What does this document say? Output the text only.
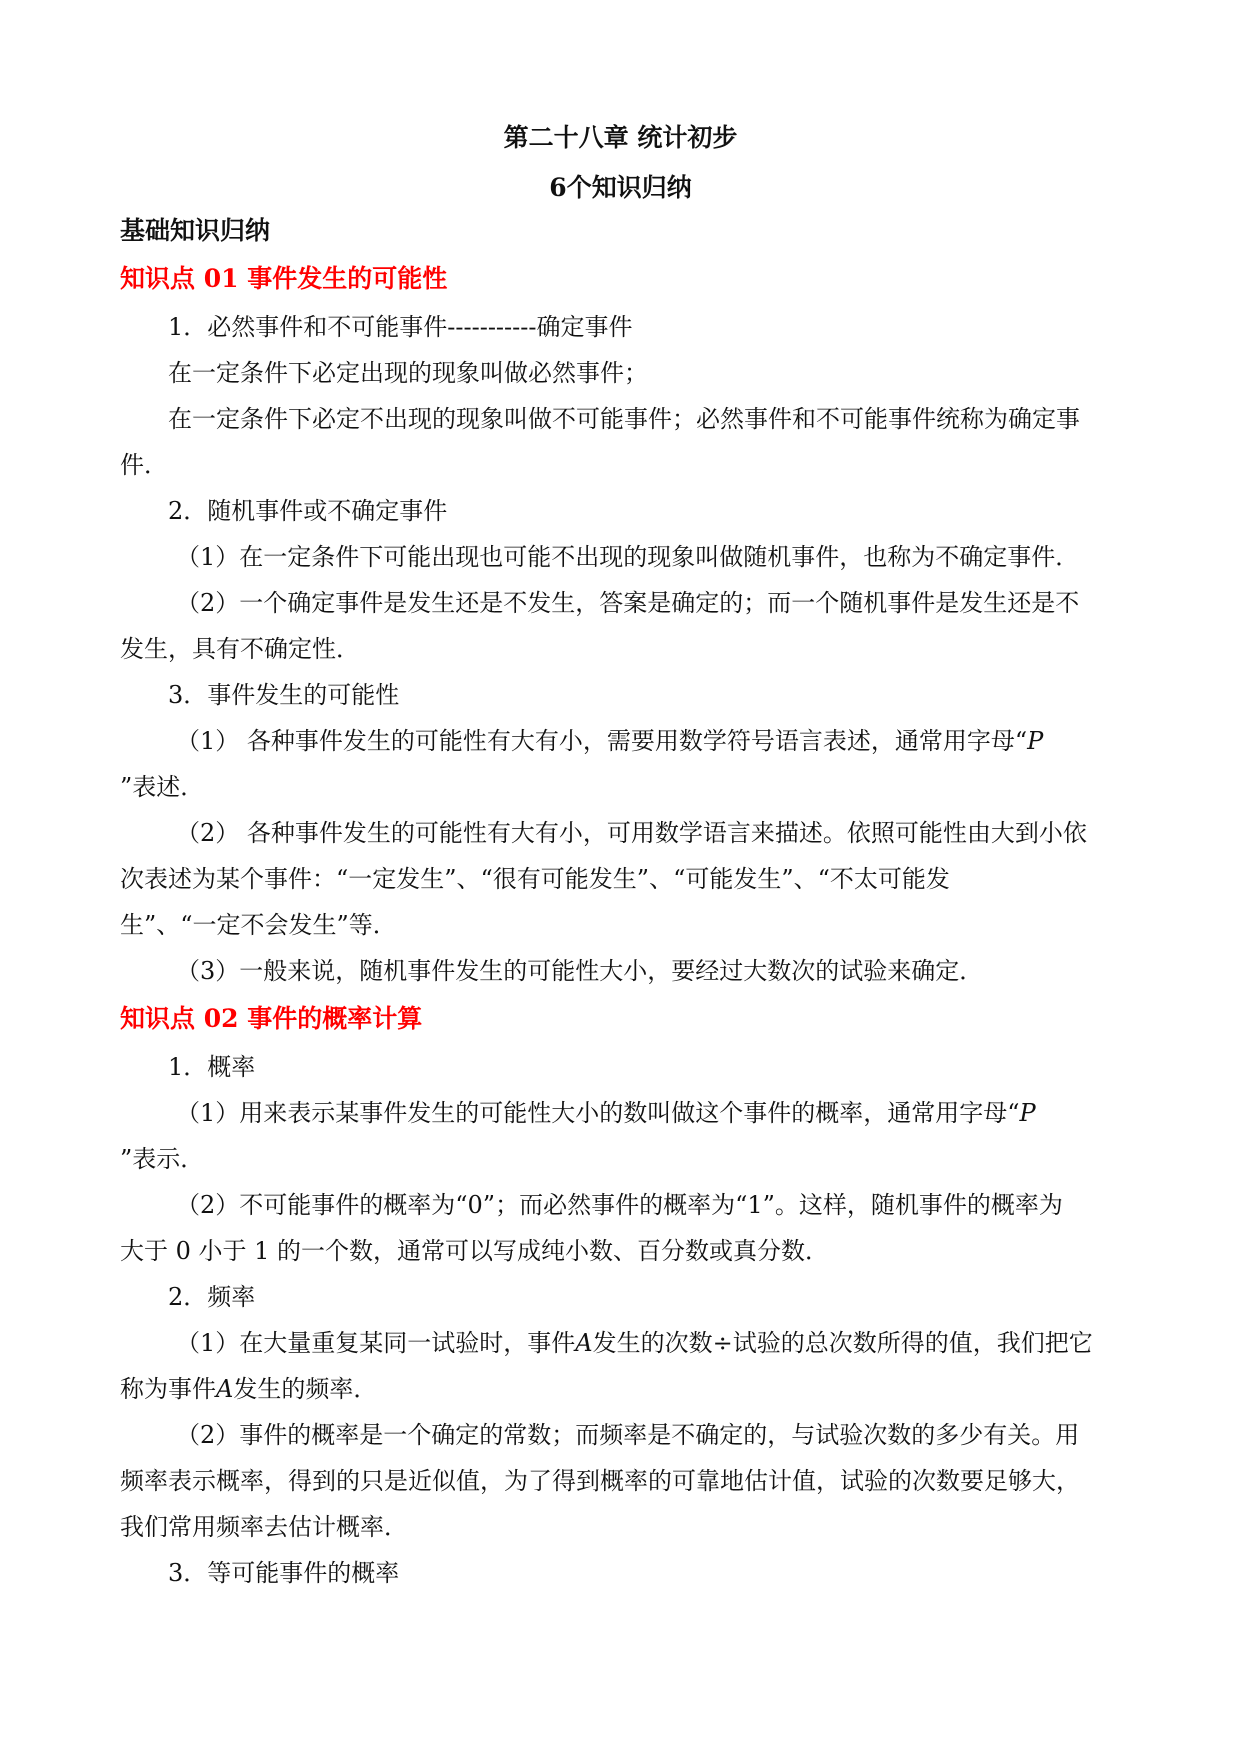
第二十八章 统计初步
6个知识归纳
基础知识归纳
知识点 01 事件发生的可能性
1．必然事件和不可能事件-----------确定事件
在一定条件下必定出现的现象叫做必然事件；
在一定条件下必定不出现的现象叫做不可能事件；必然事件和不可能事件统称为确定事
件．
2．随机事件或不确定事件
（1）在一定条件下可能出现也可能不出现的现象叫做随机事件，也称为不确定事件．
（2）一个确定事件是发生还是不发生，答案是确定的；而一个随机事件是发生还是不
发生，具有不确定性．
3．事件发生的可能性
（1） 各种事件发生的可能性有大有小，需要用数学符号语言表述，通常用字母“P
”表述．
（2） 各种事件发生的可能性有大有小，可用数学语言来描述。依照可能性由大到小依
次表述为某个事件：“一定发生”、“很有可能发生”、“可能发生”、“不太可能发
生”、“一定不会发生”等．
（3）一般来说，随机事件发生的可能性大小，要经过大数次的试验来确定．
知识点 02 事件的概率计算
1．概率
（1）用来表示某事件发生的可能性大小的数叫做这个事件的概率，通常用字母“P
”表示．
（2）不可能事件的概率为“0”；而必然事件的概率为“1”。这样，随机事件的概率为
大于 0 小于 1 的一个数，通常可以写成纯小数、百分数或真分数．
2．频率
（1）在大量重复某同一试验时，事件A发生的次数÷试验的总次数所得的值，我们把它
称为事件A发生的频率．
（2）事件的概率是一个确定的常数；而频率是不确定的，与试验次数的多少有关。用
频率表示概率，得到的只是近似值，为了得到概率的可靠地估计值，试验的次数要足够大，
我们常用频率去估计概率．
3．等可能事件的概率
